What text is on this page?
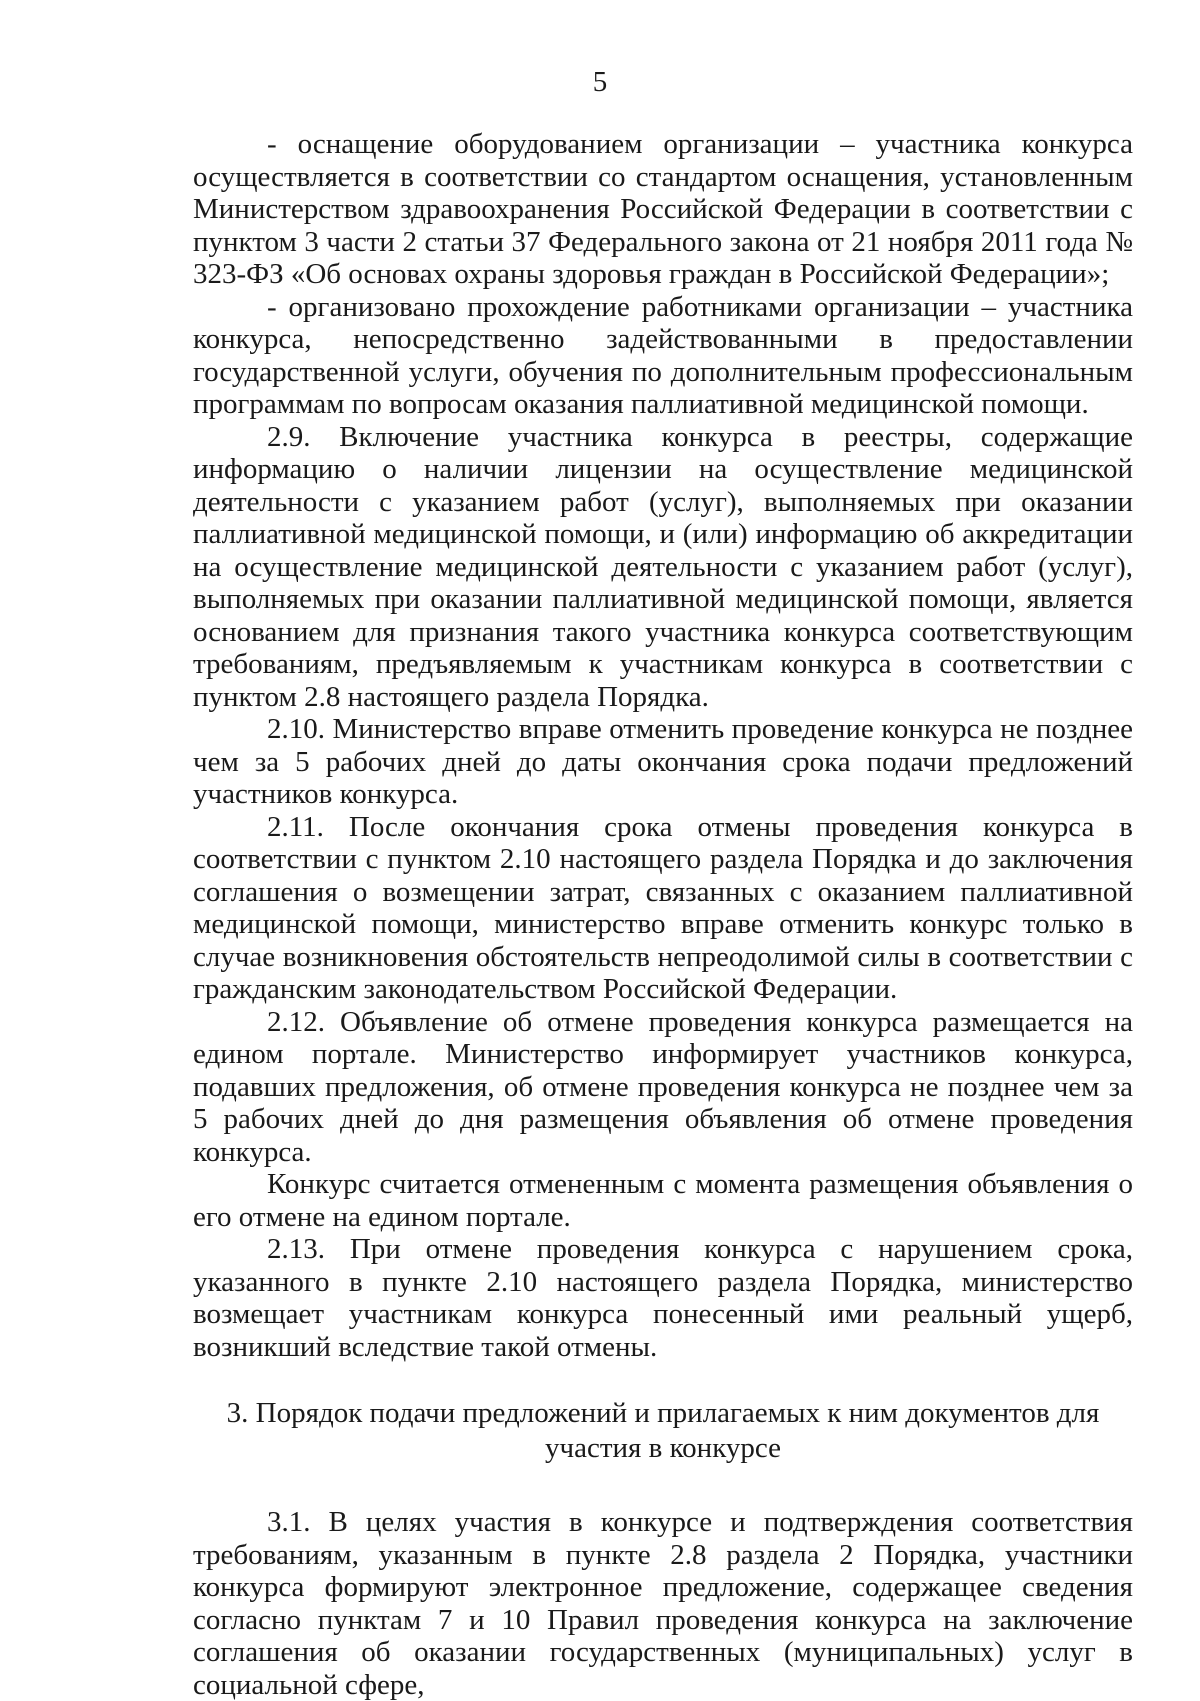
5

- оснащение оборудованием организации – участника конкурса осуществляется в соответствии со стандартом оснащения, установленным Министерством здравоохранения Российской Федерации в соответствии с пунктом 3 части 2 статьи 37 Федерального закона от 21 ноября 2011 года № 323-ФЗ «Об основах охраны здоровья граждан в Российской Федерации»;

- организовано прохождение работниками организации – участника конкурса, непосредственно задействованными в предоставлении государственной услуги, обучения по дополнительным профессиональным программам по вопросам оказания паллиативной медицинской помощи.

2.9. Включение участника конкурса в реестры, содержащие информацию о наличии лицензии на осуществление медицинской деятельности с указанием работ (услуг), выполняемых при оказании паллиативной медицинской помощи, и (или) информацию об аккредитации на осуществление медицинской деятельности с указанием работ (услуг), выполняемых при оказании паллиативной медицинской помощи, является основанием для признания такого участника конкурса соответствующим требованиям, предъявляемым к участникам конкурса в соответствии с пунктом 2.8 настоящего раздела Порядка.

2.10. Министерство вправе отменить проведение конкурса не позднее чем за 5 рабочих дней до даты окончания срока подачи предложений участников конкурса.

2.11. После окончания срока отмены проведения конкурса в соответствии с пунктом 2.10 настоящего раздела Порядка и до заключения соглашения о возмещении затрат, связанных с оказанием паллиативной медицинской помощи, министерство вправе отменить конкурс только в случае возникновения обстоятельств непреодолимой силы в соответствии с гражданским законодательством Российской Федерации.

2.12. Объявление об отмене проведения конкурса размещается на едином портале. Министерство информирует участников конкурса, подавших предложения, об отмене проведения конкурса не позднее чем за 5 рабочих дней до дня размещения объявления об отмене проведения конкурса.

Конкурс считается отмененным с момента размещения объявления о его отмене на едином портале.

2.13. При отмене проведения конкурса с нарушением срока, указанного в пункте 2.10 настоящего раздела Порядка, министерство возмещает участникам конкурса понесенный ими реальный ущерб, возникший вследствие такой отмены.

3. Порядок подачи предложений и прилагаемых к ним документов для
участия в конкурсе

3.1. В целях участия в конкурсе и подтверждения соответствия требованиям, указанным в пункте 2.8 раздела 2 Порядка, участники конкурса формируют электронное предложение, содержащее сведения согласно пунктам 7 и 10 Правил проведения конкурса на заключение соглашения об оказании государственных (муниципальных) услуг в социальной сфере,
